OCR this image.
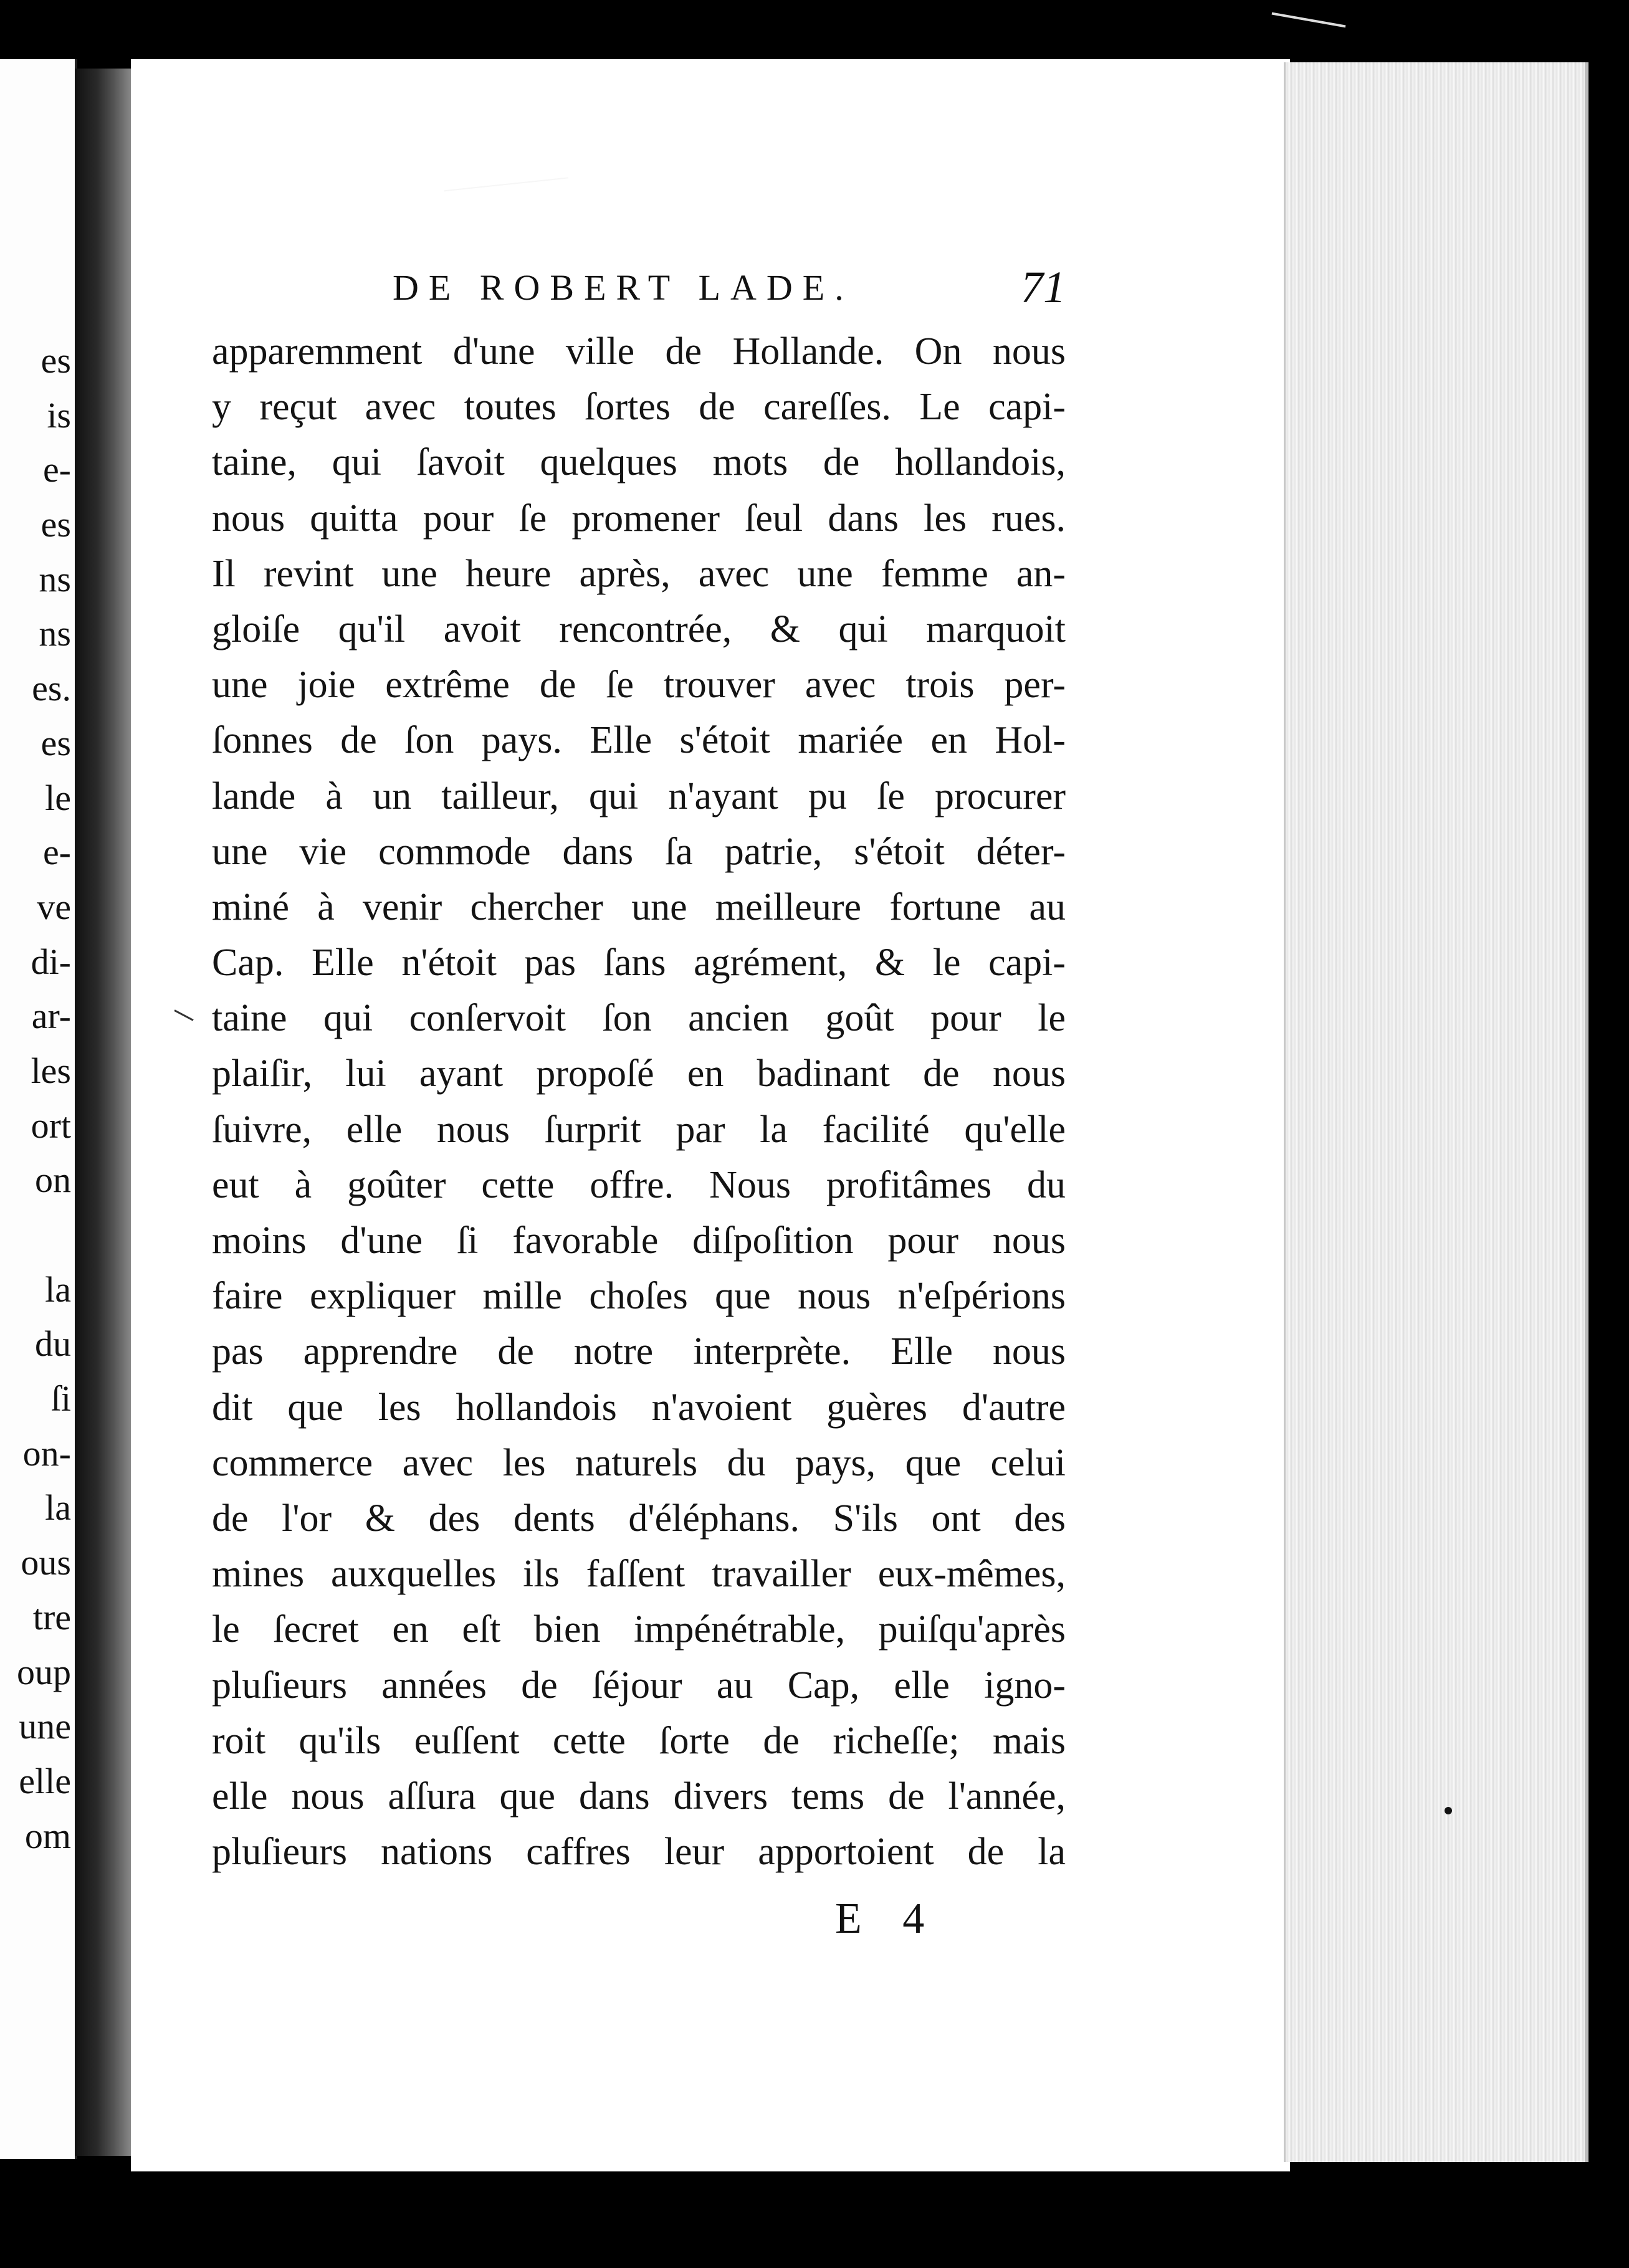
es
is
e-
es
ns
ns
es.
es
le
e-
ve
di-
ar-
les
ort
on
la
du
ſi
on-
la
ous
tre
oup
une
elle
om
DE ROBERT LADE.	71
apparemment d'une ville de Hollande. On nous
y reçut avec toutes ſortes de careſſes. Le capi-
taine, qui ſavoit quelques mots de hollandois,
nous quitta pour ſe promener ſeul dans les rues.
Il revint une heure après, avec une femme an-
gloiſe qu'il avoit rencontrée, & qui marquoit
une joie extrême de ſe trouver avec trois per-
ſonnes de ſon pays. Elle s'étoit mariée en Hol-
lande à un tailleur, qui n'ayant pu ſe procurer
une vie commode dans ſa patrie, s'étoit déter-
miné à venir chercher une meilleure fortune au
Cap. Elle n'étoit pas ſans agrément, & le capi-
taine qui conſervoit ſon ancien goût pour le
plaiſir, lui ayant propoſé en badinant de nous
ſuivre, elle nous ſurprit par la facilité qu'elle
eut à goûter cette offre. Nous profitâmes du
moins d'une ſi favorable diſpoſition pour nous
faire expliquer mille choſes que nous n'eſpérions
pas apprendre de notre interprète. Elle nous
dit que les hollandois n'avoient guères d'autre
commerce avec les naturels du pays, que celui
de l'or & des dents d'éléphans. S'ils ont des
mines auxquelles ils faſſent travailler eux-mêmes,
le ſecret en eſt bien impénétrable, puiſqu'après
pluſieurs années de ſéjour au Cap, elle igno-
roit qu'ils euſſent cette ſorte de richeſſe; mais
elle nous aſſura que dans divers tems de l'année,
pluſieurs nations caffres leur apportoient de la
E 4
